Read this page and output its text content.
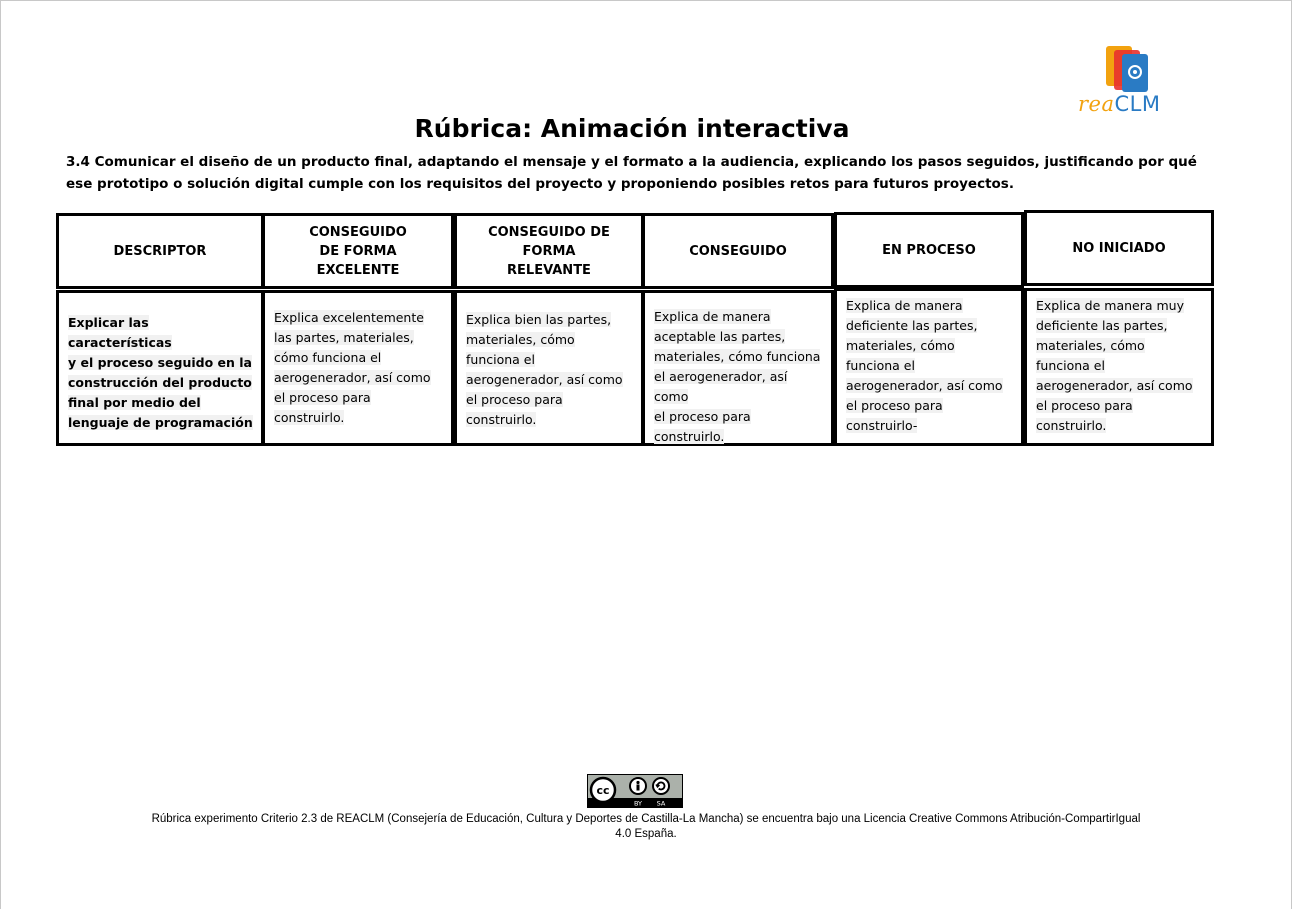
reaCLM
Rúbrica: Animación interactiva

3.4 Comunicar el diseño de un producto final, adaptando el mensaje y el formato a la audiencia, explicando los pasos seguidos, justificando por qué ese prototipo o solución digital cumple con los requisitos del proyecto y proponiendo posibles retos para futuros proyectos.

DESCRIPTOR
CONSEGUIDO
DE FORMA
EXCELENTE
CONSEGUIDO DE
FORMA
RELEVANTE
CONSEGUIDO	EN PROCESO	NO INICIADO
Explicar las características
y el proceso seguido en la
construcción del producto
final por medio del
lenguaje de programación
Explica excelentemente
las partes, materiales,
cómo funciona el
aerogenerador, así como
el proceso para
construirlo.
Explica bien las partes,
materiales, cómo
funciona el
aerogenerador, así como
el proceso para
construirlo.
Explica de manera
aceptable las partes,
materiales, cómo funciona
el aerogenerador, así como
el proceso para construirlo.
Explica de manera
deficiente las partes,
materiales, cómo
funciona el
aerogenerador, así como
el proceso para
construirlo-
Explica de manera muy
deficiente las partes,
materiales, cómo
funciona el
aerogenerador, así como
el proceso para
construirlo.
cc
BY SA
Rúbrica experimento Criterio 2.3 de REACLM (Consejería de Educación, Cultura y Deportes de Castilla-La Mancha) se encuentra bajo una Licencia Creative Commons Atribución-CompartirIgual
4.0 España.
